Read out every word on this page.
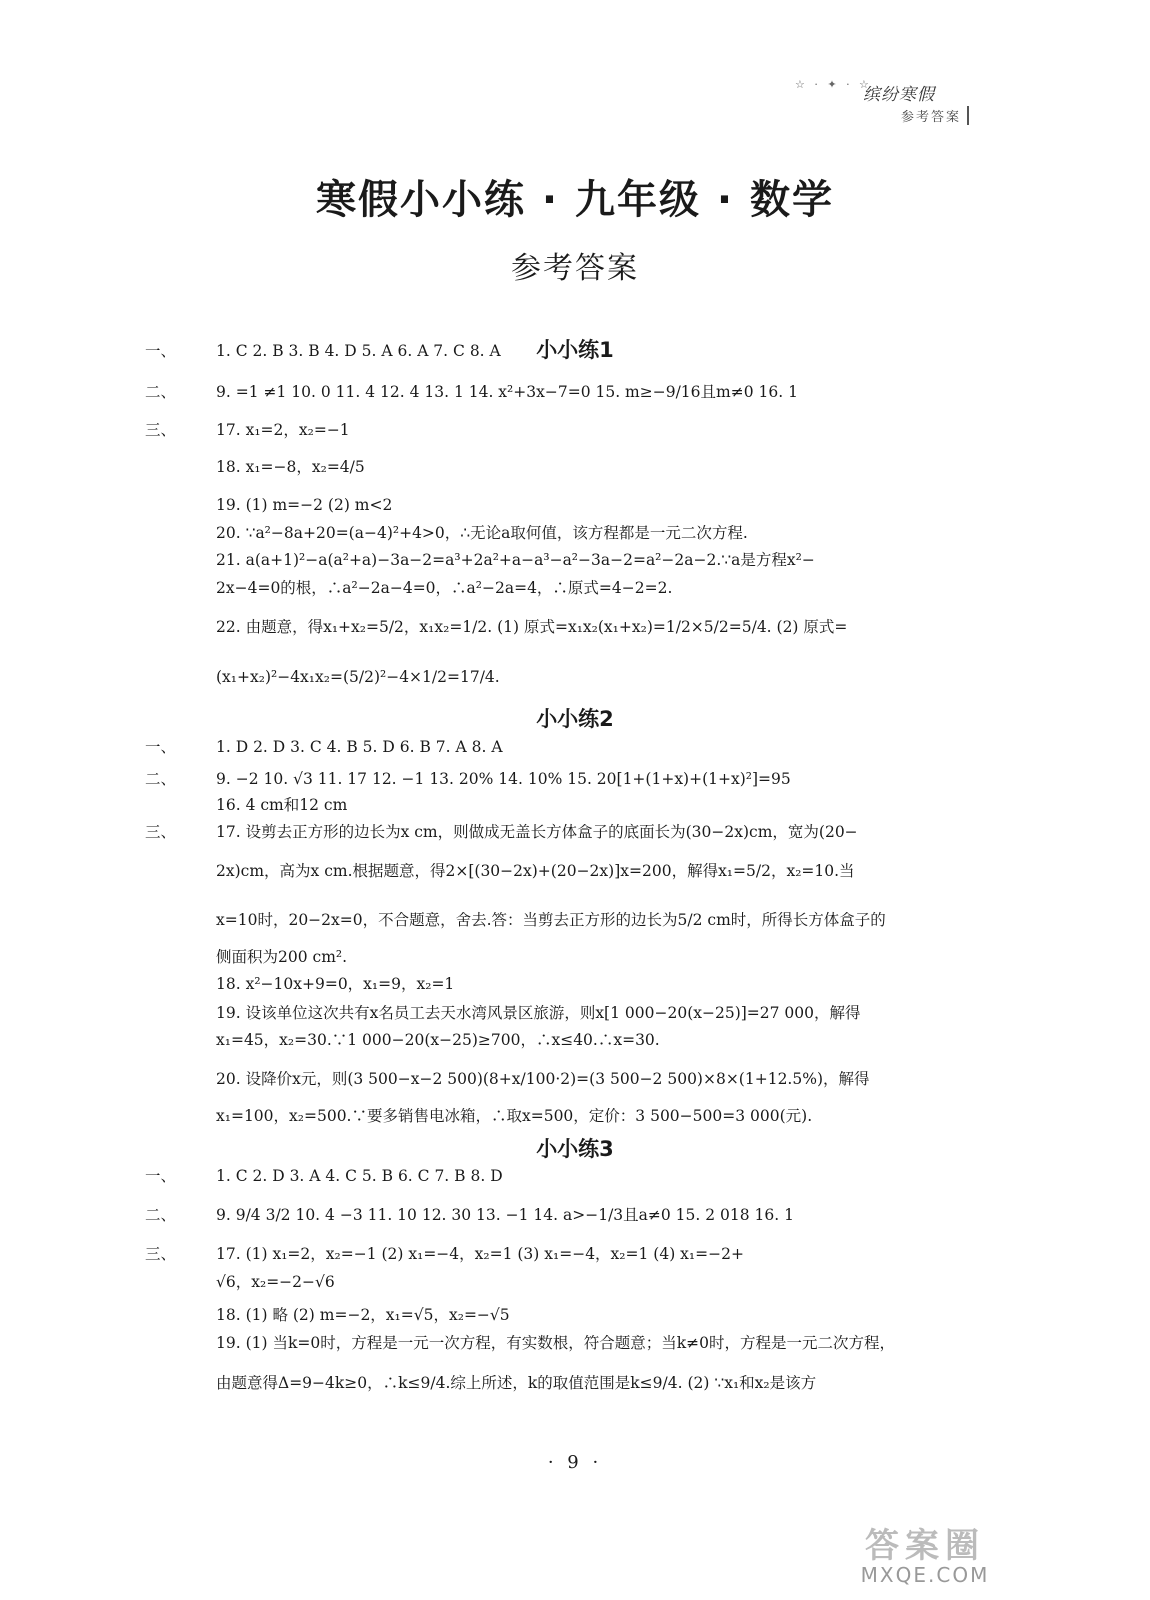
☆ · ✦ · ☆
缤纷寒假
参考答案
寒假小小练 · 九年级 · 数学
参考答案
小小练1
一、	1. C 2. B 3. B 4. D 5. A 6. A 7. C 8. A
二、	9. =1 ≠1 10. 0 11. 4 12. 4 13. 1 14. x²+3x−7=0 15. m≥−9/16且m≠0 16. 1
三、	17. x₁=2，x₂=−1
18. x₁=−8，x₂=4/5
19. (1) m=−2 (2) m<2
20. ∵a²−8a+20=(a−4)²+4>0，∴无论a取何值，该方程都是一元二次方程.
21. a(a+1)²−a(a²+a)−3a−2=a³+2a²+a−a³−a²−3a−2=a²−2a−2.∵a是方程x²−
2x−4=0的根，∴a²−2a−4=0，∴a²−2a=4，∴原式=4−2=2.
22. 由题意，得x₁+x₂=5/2，x₁x₂=1/2. (1) 原式=x₁x₂(x₁+x₂)=1/2×5/2=5/4. (2) 原式=
(x₁+x₂)²−4x₁x₂=(5/2)²−4×1/2=17/4.
小小练2
一、	1. D 2. D 3. C 4. B 5. D 6. B 7. A 8. A
二、	9. −2 10. √3 11. 17 12. −1 13. 20% 14. 10% 15. 20[1+(1+x)+(1+x)²]=95
16. 4 cm和12 cm
三、	17. 设剪去正方形的边长为x cm，则做成无盖长方体盒子的底面长为(30−2x)cm，宽为(20−
2x)cm，高为x cm.根据题意，得2×[(30−2x)+(20−2x)]x=200，解得x₁=5/2，x₂=10.当
x=10时，20−2x=0，不合题意，舍去.答：当剪去正方形的边长为5/2 cm时，所得长方体盒子的
侧面积为200 cm².
18. x²−10x+9=0，x₁=9，x₂=1
19. 设该单位这次共有x名员工去天水湾风景区旅游，则x[1 000−20(x−25)]=27 000，解得
x₁=45，x₂=30.∵1 000−20(x−25)≥700，∴x≤40.∴x=30.
20. 设降价x元，则(3 500−x−2 500)(8+x/100·2)=(3 500−2 500)×8×(1+12.5%)，解得
x₁=100，x₂=500.∵要多销售电冰箱，∴取x=500，定价：3 500−500=3 000(元).
小小练3
一、	1. C 2. D 3. A 4. C 5. B 6. C 7. B 8. D
二、	9. 9/4 3/2 10. 4 −3 11. 10 12. 30 13. −1 14. a>−1/3且a≠0 15. 2 018 16. 1
三、	17. (1) x₁=2，x₂=−1 (2) x₁=−4，x₂=1 (3) x₁=−4，x₂=1 (4) x₁=−2+
√6，x₂=−2−√6
18. (1) 略 (2) m=−2，x₁=√5，x₂=−√5
19. (1) 当k=0时，方程是一元一次方程，有实数根，符合题意；当k≠0时，方程是一元二次方程，
由题意得Δ=9−4k≥0，∴k≤9/4.综上所述，k的取值范围是k≤9/4. (2) ∵x₁和x₂是该方
· 9 ·
答案圈
MXQE.COM
